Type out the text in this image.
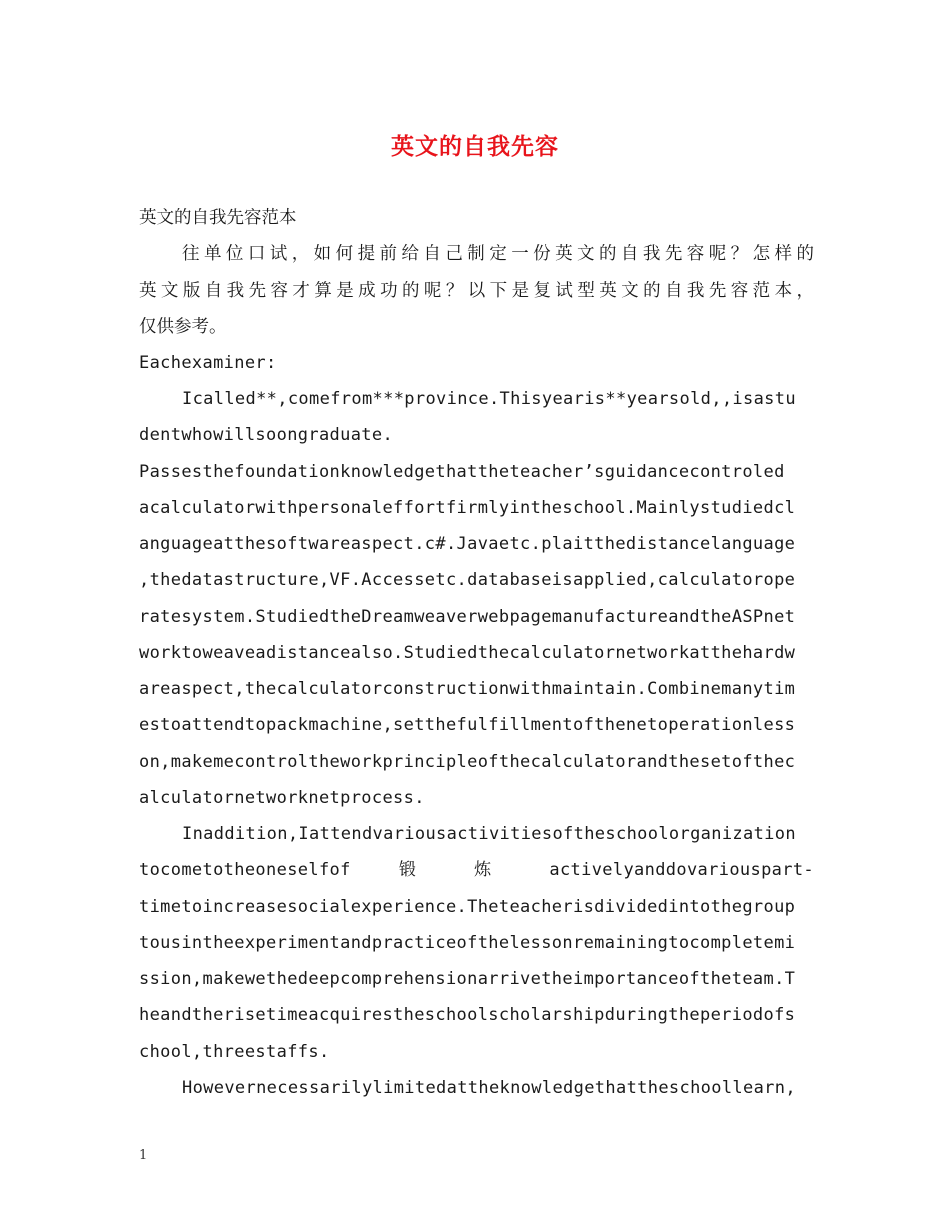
英文的自我先容
英文的自我先容范本
往单位口试，如何提前给自己制定一份英文的自我先容呢？怎样的
英文版自我先容才算是成功的呢？以下是复试型英文的自我先容范本，
仅供参考。
Eachexaminer:
Icalled**,comefrom***province.Thisyearis**yearsold,,isastu
dentwhowillsoongraduate.
Passesthefoundationknowledgethattheteacher’sguidancecontroled
acalculatorwithpersonaleffortfirmlyintheschool.Mainlystudiedcl
anguageatthesoftwareaspect.c#.Javaetc.plaitthedistancelanguage
,thedatastructure,VF.Accessetc.databaseisapplied,calculatorope
ratesystem.StudiedtheDreamweaverwebpagemanufactureandtheASPnet
worktoweaveadistancealso.Studiedthecalculatornetworkatthehardw
areaspect,thecalculatorconstructionwithmaintain.Combinemanytim
estoattendtopackmachine,setthefulfillmentofthenetoperationless
on,makemecontroltheworkprincipleofthecalculatorandthesetofthec
alculatornetworknetprocess.
Inaddition,Iattendvariousactivitiesoftheschoolorganization
tocometotheoneselfof 锻 炼 activelyanddovariouspart-
timetoincreasesocialexperience.Theteacherisdividedintothegroup
tousintheexperimentandpracticeofthelessonremainingtocompletemi
ssion,makewethedeepcomprehensionarrivetheimportanceoftheteam.T
heandtherisetimeacquirestheschoolscholarshipduringtheperiodofs
chool,threestaffs.
Howevernecessarilylimitedattheknowledgethattheschoollearn,
1
